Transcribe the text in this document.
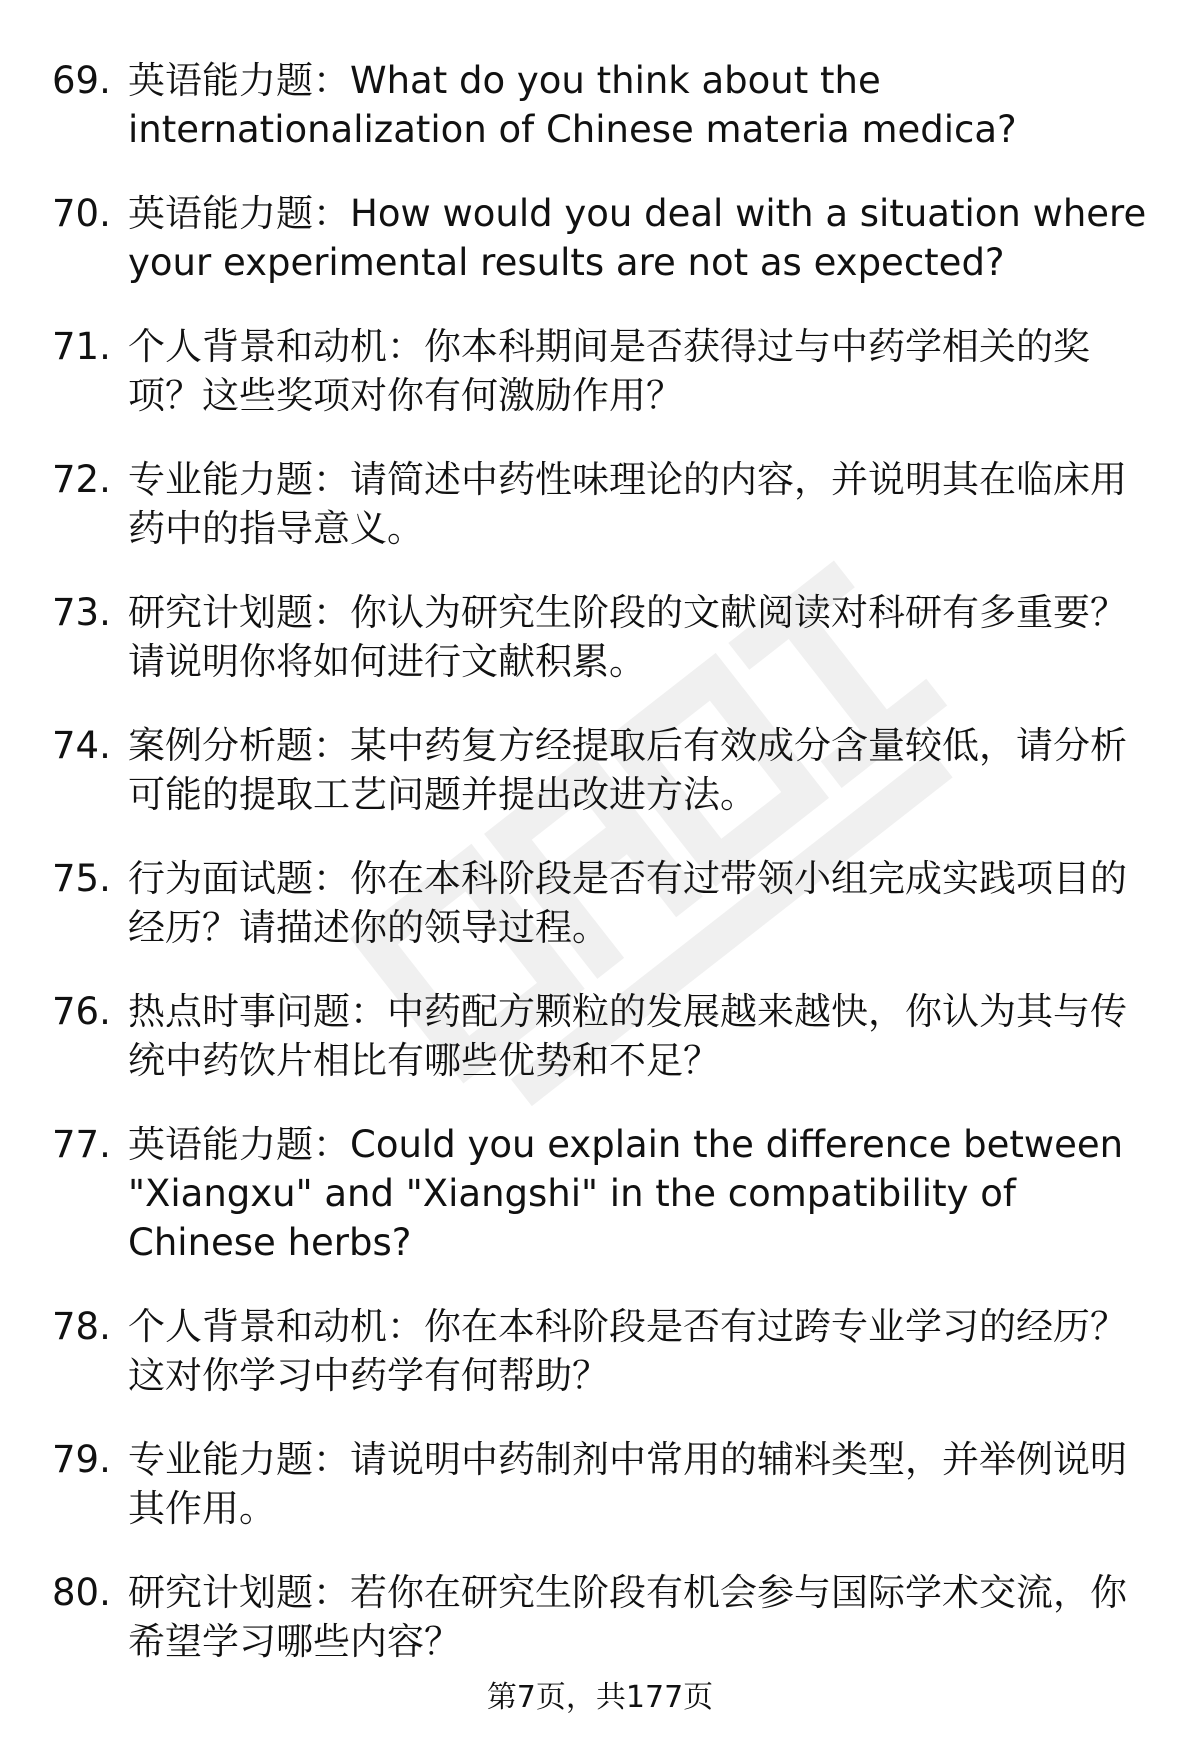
69. 英语能力题：What do you think about the internationalization of Chinese materia medica?
70. 英语能力题：How would you deal with a situation where your experimental results are not as expected?
71. 个人背景和动机：你本科期间是否获得过与中药学相关的奖项？这些奖项对你有何激励作用？
72. 专业能力题：请简述中药性味理论的内容，并说明其在临床用药中的指导意义。
73. 研究计划题：你认为研究生阶段的文献阅读对科研有多重要？请说明你将如何进行文献积累。
74. 案例分析题：某中药复方经提取后有效成分含量较低，请分析可能的提取工艺问题并提出改进方法。
75. 行为面试题：你在本科阶段是否有过带领小组完成实践项目的经历？请描述你的领导过程。
76. 热点时事问题：中药配方颗粒的发展越来越快，你认为其与传统中药饮片相比有哪些优势和不足？
77. 英语能力题：Could you explain the difference between "Xiangxu" and "Xiangshi" in the compatibility of Chinese herbs?
78. 个人背景和动机：你在本科阶段是否有过跨专业学习的经历？这对你学习中药学有何帮助？
79. 专业能力题：请说明中药制剂中常用的辅料类型，并举例说明其作用。
80. 研究计划题：若你在研究生阶段有机会参与国际学术交流，你希望学习哪些内容？
第7页，共177页
